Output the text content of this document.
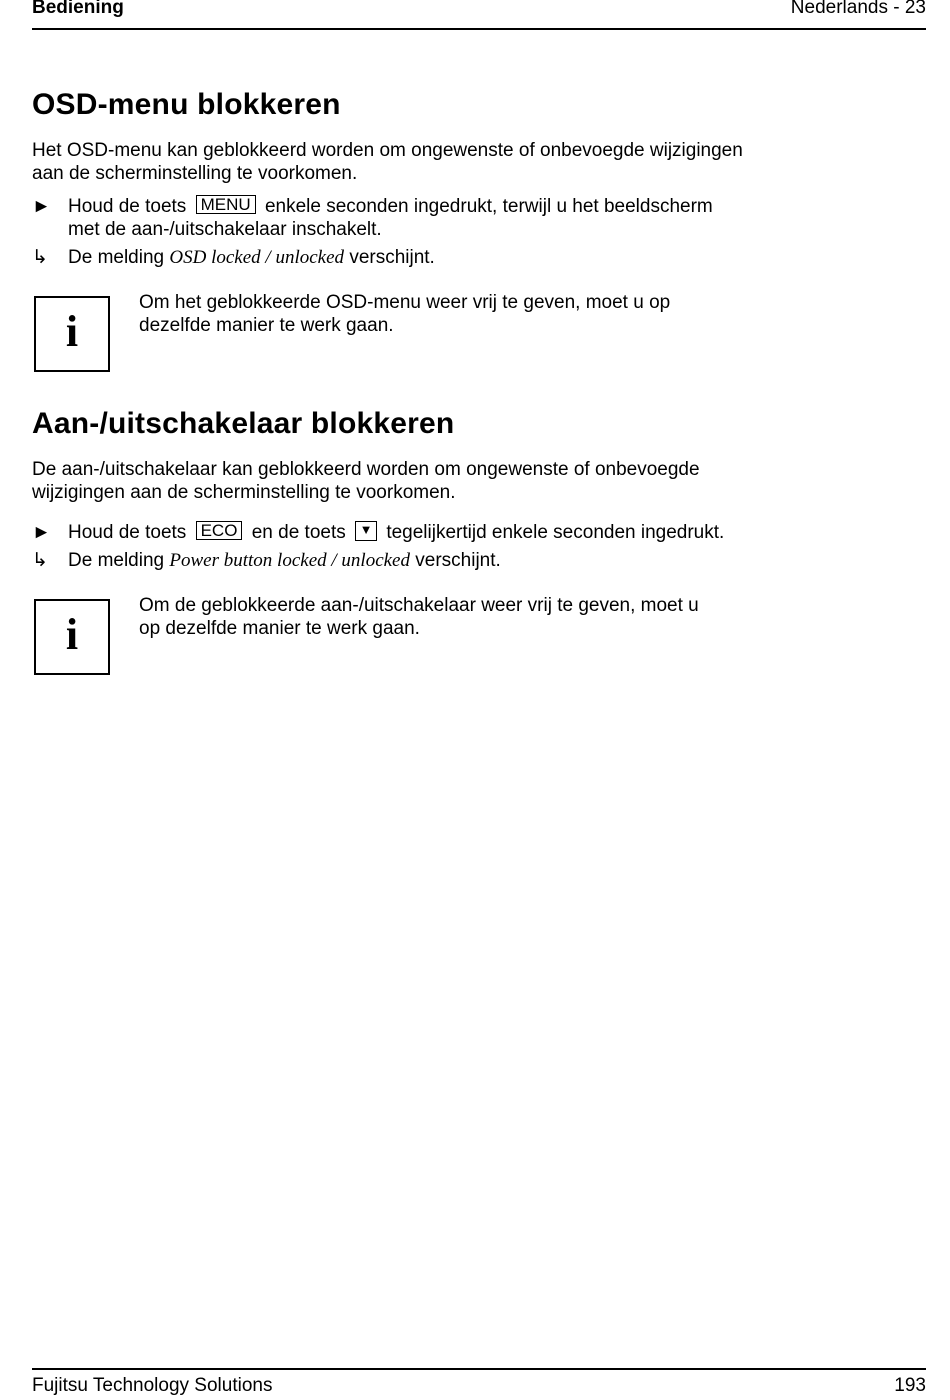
Bediening	Nederlands - 23
OSD-menu blokkeren

Het OSD-menu kan geblokkeerd worden om ongewenste of onbevoegde wijzigingen
aan de scherminstelling te voorkomen.

► Houd de toets MENU enkele seconden ingedrukt, terwijl u het beeldscherm
met de aan-/uitschakelaar inschakelt.
↳	De melding OSD locked / unlocked verschijnt.
i
Om het geblokkeerde OSD-menu weer vrij te geven, moet u op
dezelfde manier te werk gaan.
Aan-/uitschakelaar blokkeren

De aan-/uitschakelaar kan geblokkeerd worden om ongewenste of onbevoegde
wijzigingen aan de scherminstelling te voorkomen.

► Houd de toets ECO en de toets ▼ tegelijkertijd enkele seconden ingedrukt.
↳	De melding Power button locked / unlocked verschijnt.
i
Om de geblokkeerde aan-/uitschakelaar weer vrij te geven, moet u
op dezelfde manier te werk gaan.
Fujitsu Technology Solutions	193
